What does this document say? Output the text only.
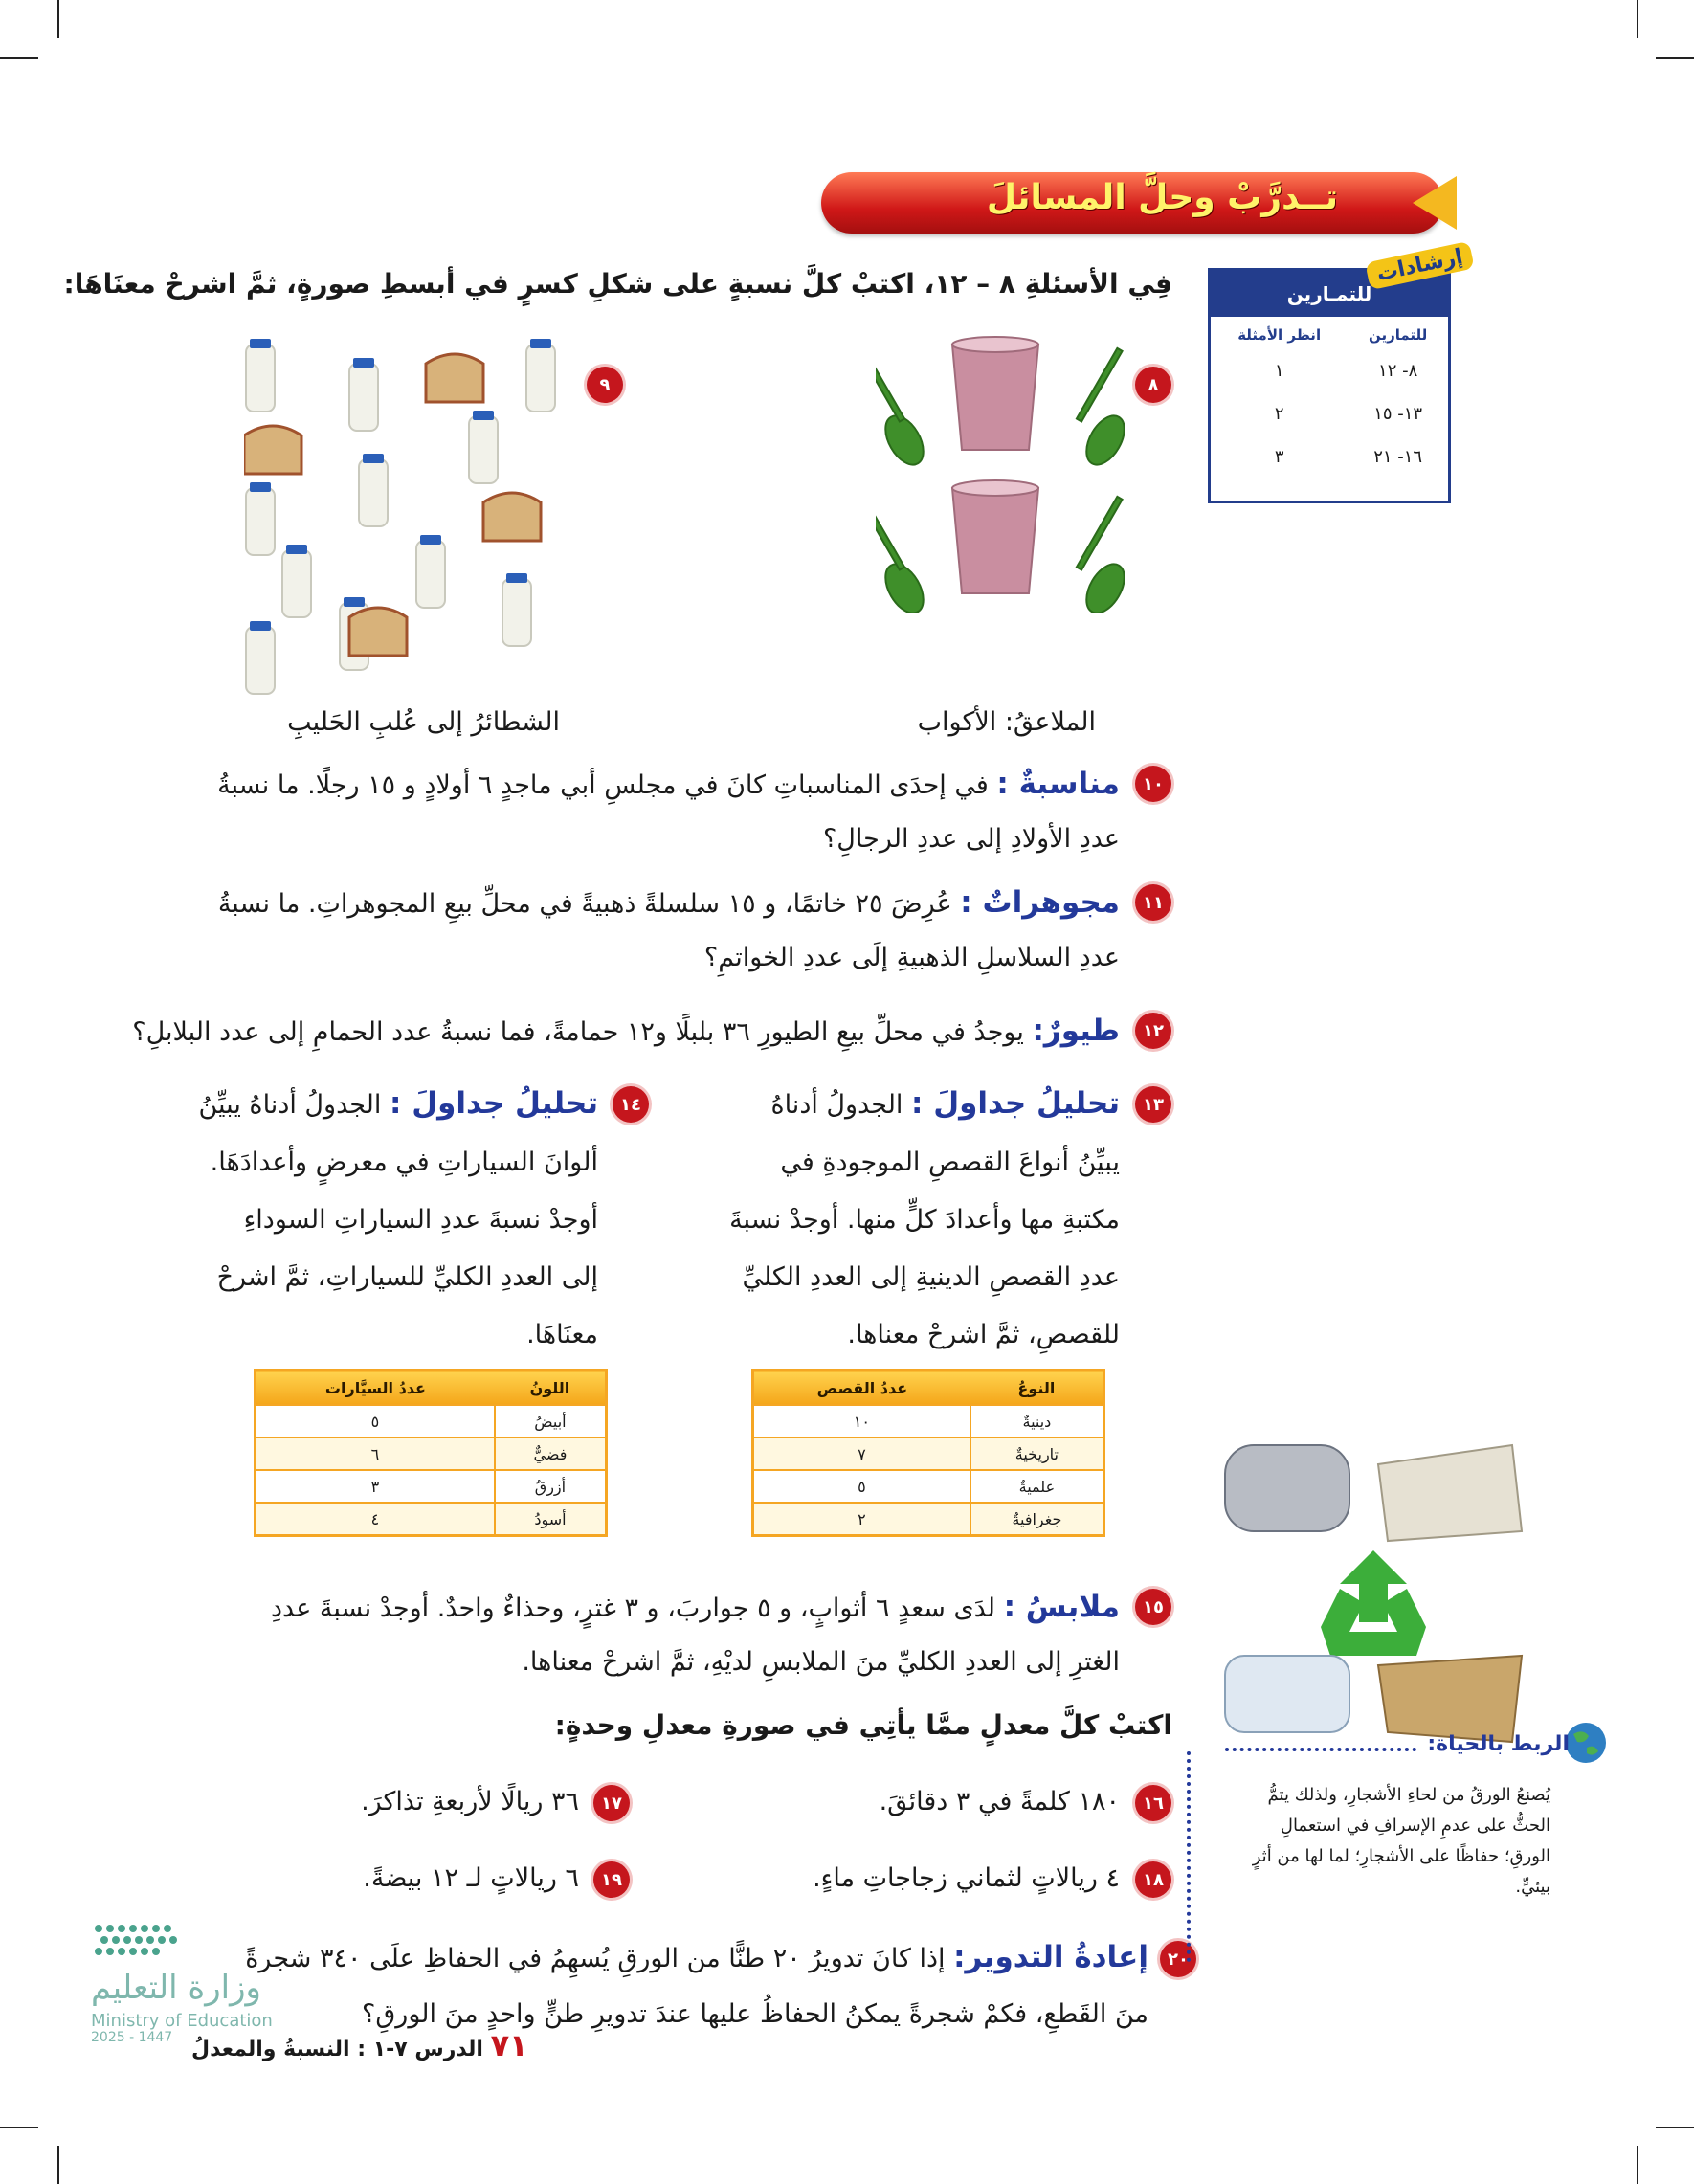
تــدرَّبْ وحلَّ المسائلَ
إرشادات
للتمـارين
للتمارين	انظر الأمثلة
٨- ١٢	١
١٣- ١٥	٢
١٦- ٢١	٣
فِي الأسئلةِ ٨ – ١٢، اكتبْ كلَّ نسبةٍ على شكلِ كسرٍ في أبسطِ صورةٍ، ثمَّ اشرحْ معنَاهَا:
٨
الملاعقُ: الأكواب
٩
الشطائرُ إلى عُلبِ الحَليبِ
١٠
مناسبةٌ : في إحدَى المناسباتِ كانَ في مجلسِ أبي ماجدٍ ٦ أولادٍ و ١٥ رجلًا. ما نسبةُ
عددِ الأولادِ إلى عددِ الرجالِ؟
١١
مجوهراتٌ : عُرِضَ ٢٥ خاتمًا، و ١٥ سلسلةً ذهبيةً في محلِّ بيعِ المجوهراتِ. ما نسبةُ
عددِ السلاسلِ الذهبيةِ إلَى عددِ الخواتمِ؟
١٢
طيورٌ: يوجدُ في محلِّ بيعِ الطيورِ ٣٦ بلبلًا و١٢ حمامةً، فما نسبةُ عدد الحمامِ إلى عدد البلابلِ؟
١٣
تحليلُ جداولَ : الجدولُ أدناهُ
يبيِّنُ أنواعَ القصصِ الموجودةِ في
مكتبةِ مها وأعدادَ كلٍّ منها. أوجدْ نسبةَ
عددِ القصصِ الدينيةِ إلى العددِ الكليِّ
للقصصِ، ثمَّ اشرحْ معناها.
١٤
تحليلُ جداولَ : الجدولُ أدناهُ يبيِّنُ
ألوانَ السياراتِ في معرضٍ وأعدادَهَا.
أوجدْ نسبةَ عددِ السياراتِ السوداءِ
إلى العددِ الكليِّ للسياراتِ، ثمَّ اشرحْ
معنَاهَا.
النوعُ	عددُ القصص
دينيةٌ	١٠
تاريخيةٌ	٧
علميةٌ	٥
جغرافيةٌ	٢
اللونُ	عددُ السيَّارات
أبيضُ	٥
فضيٌّ	٦
أزرقُ	٣
أسودُ	٤
١٥
ملابسُ : لدَى سعدٍ ٦ أثوابٍ، و ٥ جواربَ، و ٣ غترٍ، وحذاءٌ واحدٌ. أوجدْ نسبةَ عددِ
الغترِ إلى العددِ الكليِّ منَ الملابسِ لديْهِ، ثمَّ اشرحْ معناها.
اكتبْ كلَّ معدلٍ ممَّا يأتِي في صورةِ معدلِ وحدةٍ:
١٦
١٨٠ كلمةً في ٣ دقائقَ.
١٧
٣٦ ريالًا لأربعةِ تذاكرَ.
١٨
٤ ريالاتٍ لثماني زجاجاتِ ماءٍ.
١٩
٦ ريالاتٍ لـ ١٢ بيضةً.
٢٠
إعادةُ التدوير: إذا كانَ تدويرُ ٢٠ طنًّا من الورقِ يُسهِمُ في الحفاظِ علَى ٣٤٠ شجرةً
منَ القَطعِ، فكمْ شجرةً يمكنُ الحفاظُ عليها عندَ تدويرِ طنٍّ واحدٍ منَ الورقِ؟
الربط بالحياة:
يُصنعُ الورقُ من لحاءِ الأشجارِ، ولذلك يتمُّ الحثُّ على عدمِ الإسرافِ في استعمالِ الورقِ؛ حفاظًا على الأشجارِ؛ لما لها من أثرٍ بيئيٍّ.
وزارة التعليم
Ministry of Education
2025 - 1447	٧١ الدرس ٧-١ : النسبةُ والمعدلُ
